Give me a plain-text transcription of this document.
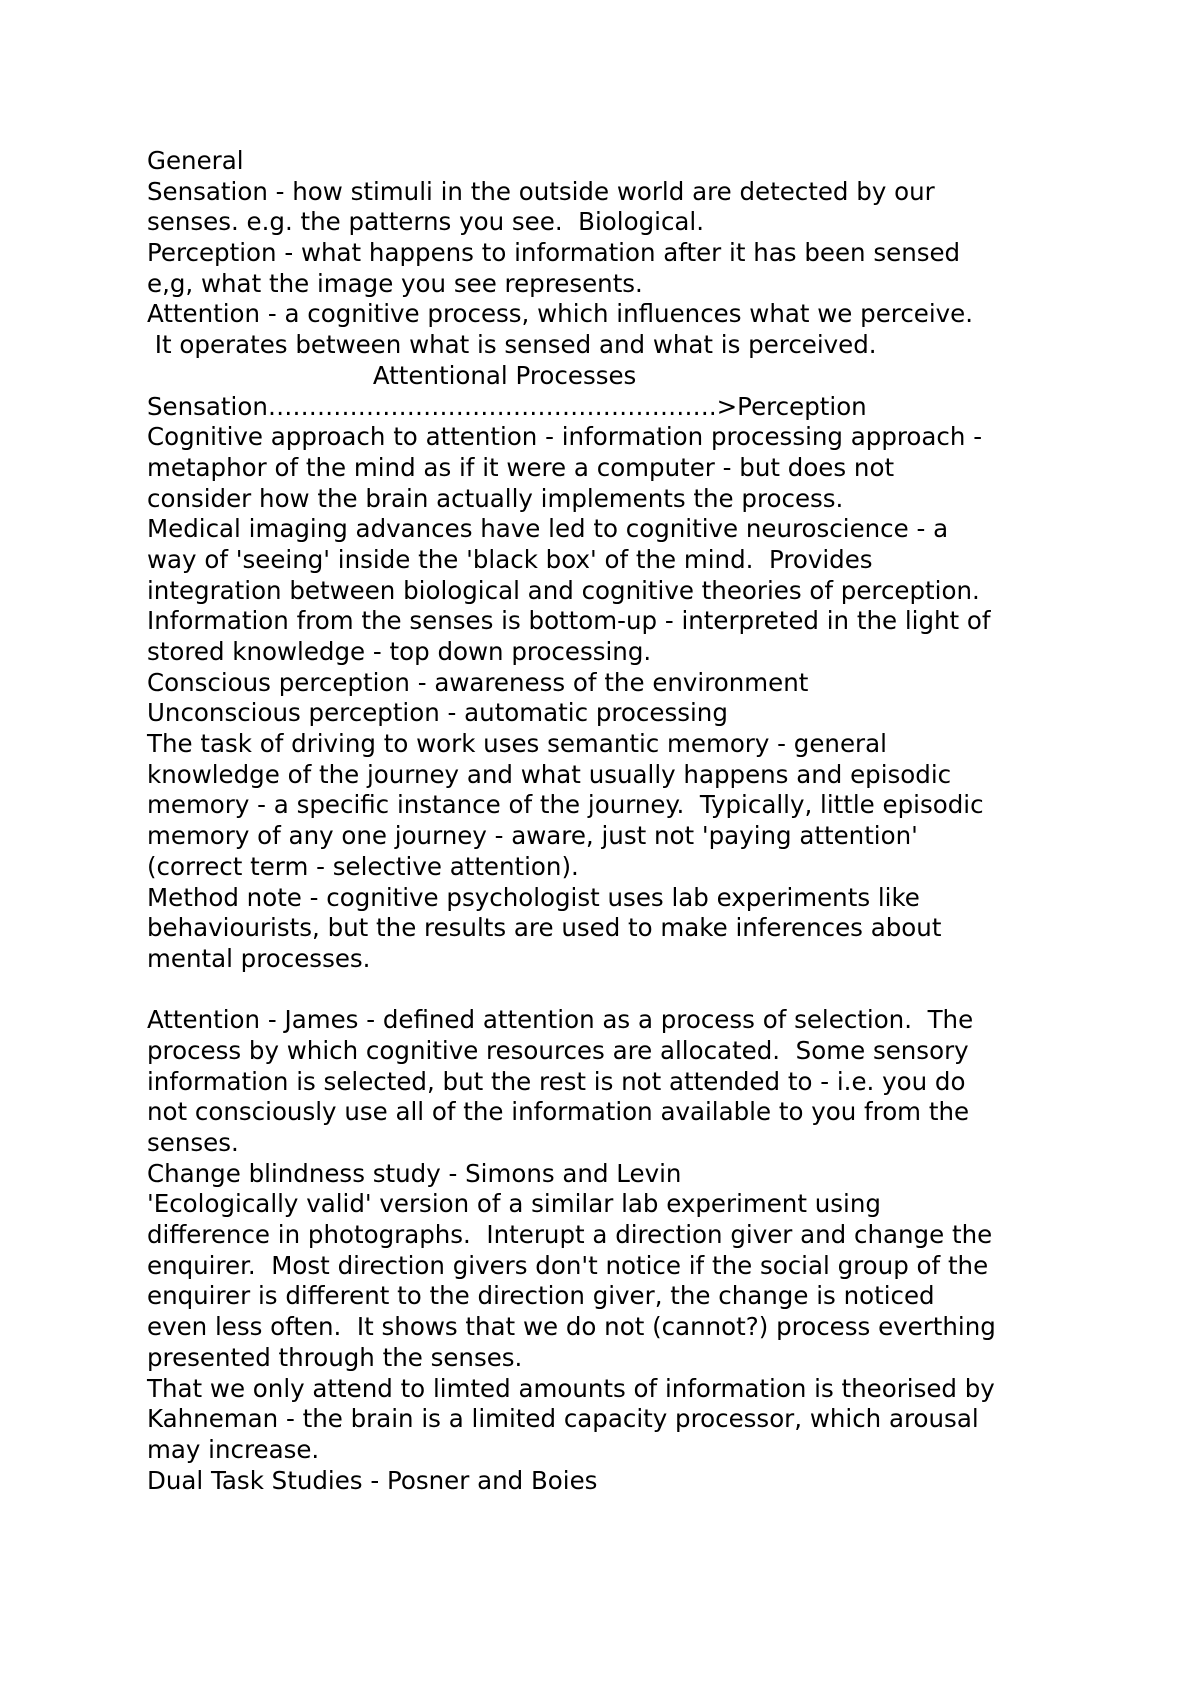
General
Sensation - how stimuli in the outside world are detected by our
senses. e.g. the patterns you see.  Biological.
Perception - what happens to information after it has been sensed
e,g, what the image you see represents.
Attention - a cognitive process, which influences what we perceive.
It operates between what is sensed and what is perceived.
Attentional Processes
Sensation……………………………………………….>Perception
Cognitive approach to attention - information processing approach -
metaphor of the mind as if it were a computer - but does not
consider how the brain actually implements the process.
Medical imaging advances have led to cognitive neuroscience - a
way of 'seeing' inside the 'black box' of the mind.  Provides
integration between biological and cognitive theories of perception.
Information from the senses is bottom-up - interpreted in the light of
stored knowledge - top down processing.
Conscious perception - awareness of the environment
Unconscious perception - automatic processing
The task of driving to work uses semantic memory - general
knowledge of the journey and what usually happens and episodic
memory - a specific instance of the journey.  Typically, little episodic
memory of any one journey - aware, just not 'paying attention'
(correct term - selective attention).
Method note - cognitive psychologist uses lab experiments like
behaviourists, but the results are used to make inferences about
mental processes.
Attention - James - defined attention as a process of selection.  The
process by which cognitive resources are allocated.  Some sensory
information is selected, but the rest is not attended to - i.e. you do
not consciously use all of the information available to you from the
senses.
Change blindness study - Simons and Levin
'Ecologically valid' version of a similar lab experiment using
difference in photographs.  Interupt a direction giver and change the
enquirer.  Most direction givers don't notice if the social group of the
enquirer is different to the direction giver, the change is noticed
even less often.  It shows that we do not (cannot?) process everthing
presented through the senses.
That we only attend to limted amounts of information is theorised by
Kahneman - the brain is a limited capacity processor, which arousal
may increase.
Dual Task Studies - Posner and Boies
